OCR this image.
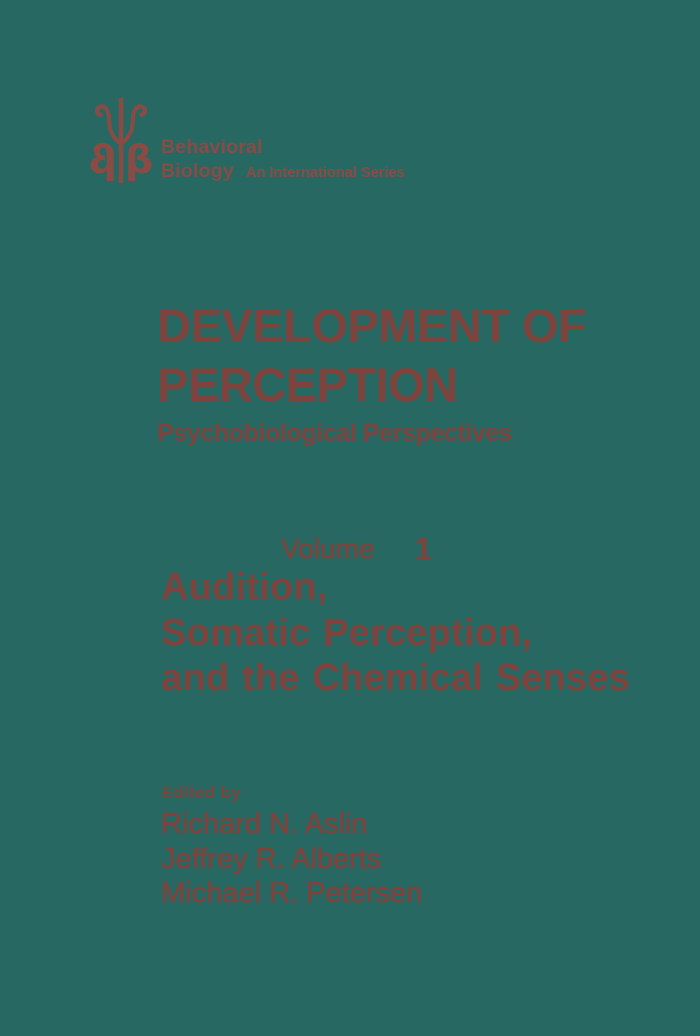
β
β Behavioral
Biology An International Series
DEVELOPMENT OF
PERCEPTION
Psychobiological Perspectives
Volume 1
Audition,
Somatic Perception,
and the Chemical Senses
Edited by
Richard N. Aslin
Jeffrey R. Alberts
Michael R. Petersen
